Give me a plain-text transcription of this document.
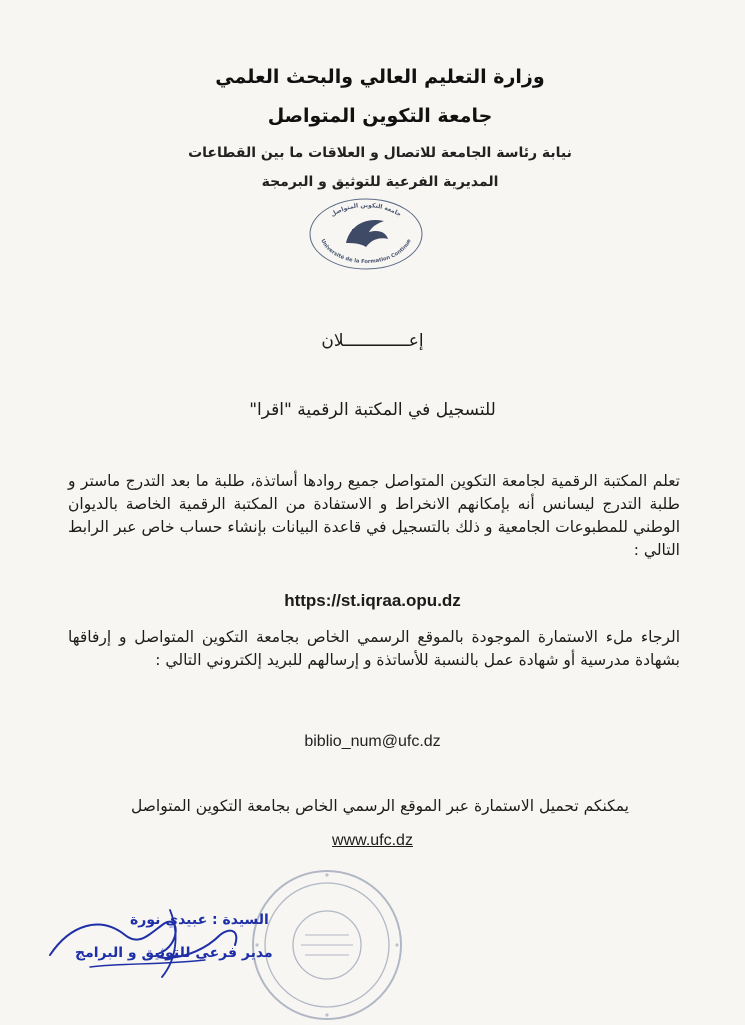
وزارة التعليم العالي والبحث العلمي
جامعة التكوين المتواصل
نيابة رئاسة الجامعة للاتصال و العلاقات ما بين القطاعات
المديرية الفرعية للتوثيق و البرمجة
جامعة التكوين المتواصل
Université de la Formation Continue
إعـــــــــــــلان
للتسجيل في المكتبة الرقمية "اقرا"
تعلم المكتبة الرقمية لجامعة التكوين المتواصل جميع روادها أساتذة، طلبة ما بعد التدرج ماستر و طلبة التدرج ليسانس أنه بإمكانهم الانخراط و الاستفادة من المكتبة الرقمية الخاصة بالديوان الوطني للمطبوعات الجامعية و ذلك بالتسجيل في قاعدة البيانات بإنشاء حساب خاص عبر الرابط التالي :
https://st.iqraa.opu.dz
الرجاء ملء الاستمارة الموجودة بالموقع الرسمي الخاص بجامعة التكوين المتواصل و إرفاقها بشهادة مدرسية أو شهادة عمل بالنسبة للأساتذة و إرسالهم للبريد إلكتروني التالي :
biblio_num@ufc.dz
يمكنكم تحميل الاستمارة عبر الموقع الرسمي الخاص بجامعة التكوين المتواصل
www.ufc.dz
السيدة : عبيدي نورة
مدير فرعي للتوثيق و البرامج
